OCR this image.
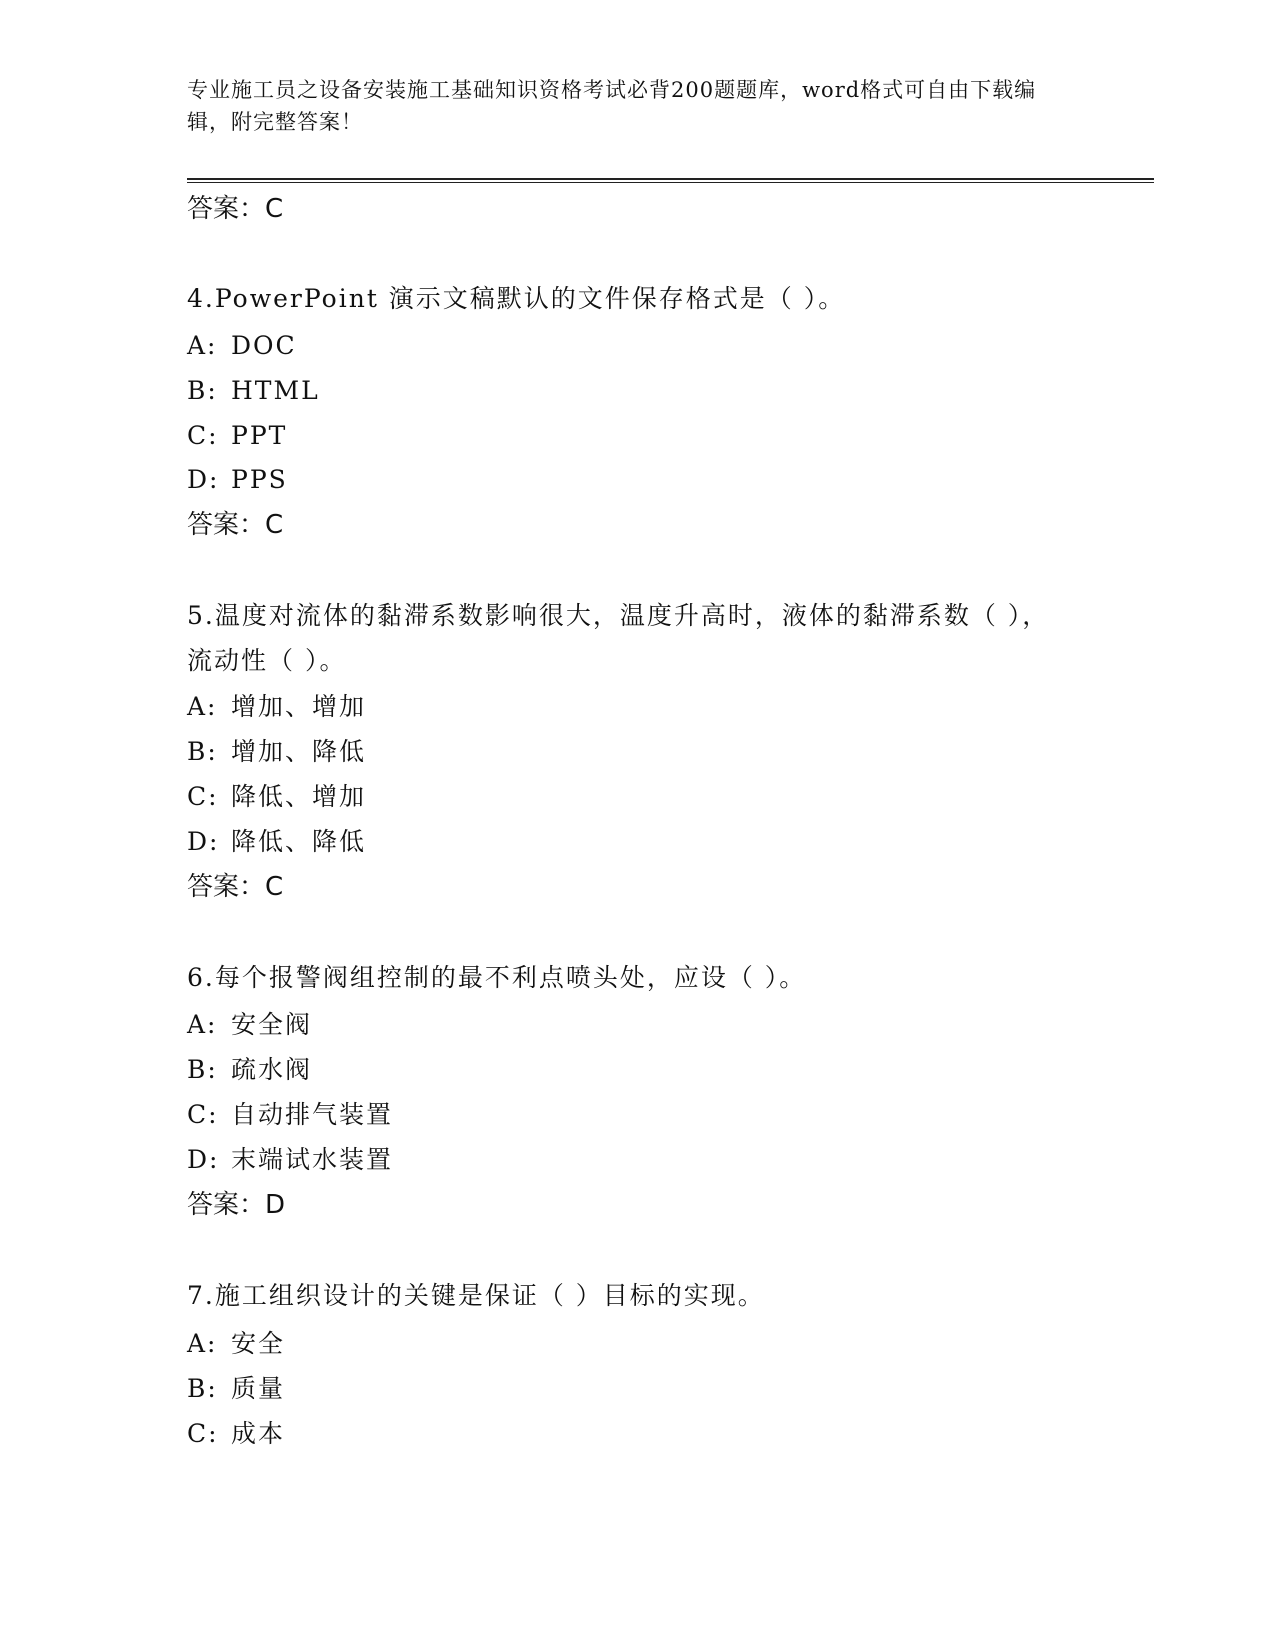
专业施工员之设备安装施工基础知识资格考试必背200题题库，word格式可自由下载编辑，附完整答案！
答案：C
4.PowerPoint 演示文稿默认的文件保存格式是（ ）。
A: DOC
B: HTML
C: PPT
D: PPS
答案：C
5.温度对流体的黏滞系数影响很大，温度升高时，液体的黏滞系数（ ），流动性（ ）。
A: 增加、增加
B: 增加、降低
C: 降低、增加
D: 降低、降低
答案：C
6.每个报警阀组控制的最不利点喷头处，应设（ ）。
A: 安全阀
B: 疏水阀
C: 自动排气装置
D: 末端试水装置
答案：D
7.施工组织设计的关键是保证（ ）目标的实现。
A: 安全
B: 质量
C: 成本
